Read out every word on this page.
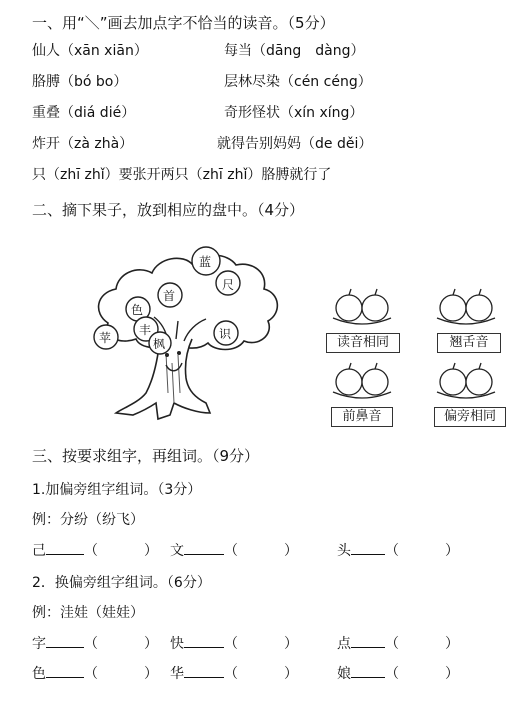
一、用“＼”画去加点字不恰当的读音。（5分）
仙人（xān xiān）	每当（dāng　dàng）
胳膊（bó bo）	层林尽染（cén céng）
重叠（diá dié）	奇形怪状（xín xíng）
炸开（zà zhà）	就得告别妈妈（de děi）
只（zhī zhǐ）要张开两只（zhī zhǐ）胳膊就行了
二、摘下果子，放到相应的盘中。（4分）
蓝
尺
首
色
丰
枫
识
苹	读音相同	翘舌音
前鼻音	偏旁相同
三、按要求组字，再组词。（9分）
1.加偏旁组字组词。（3分）
例：分纷（纷飞）
己	（	） 文	（	）	头 （	）
2．换偏旁组字组词。（6分）
例：洼娃（娃娃）
字	（	） 快	（	）	点 （	）
色	（	） 华	（	）	娘 （	）
